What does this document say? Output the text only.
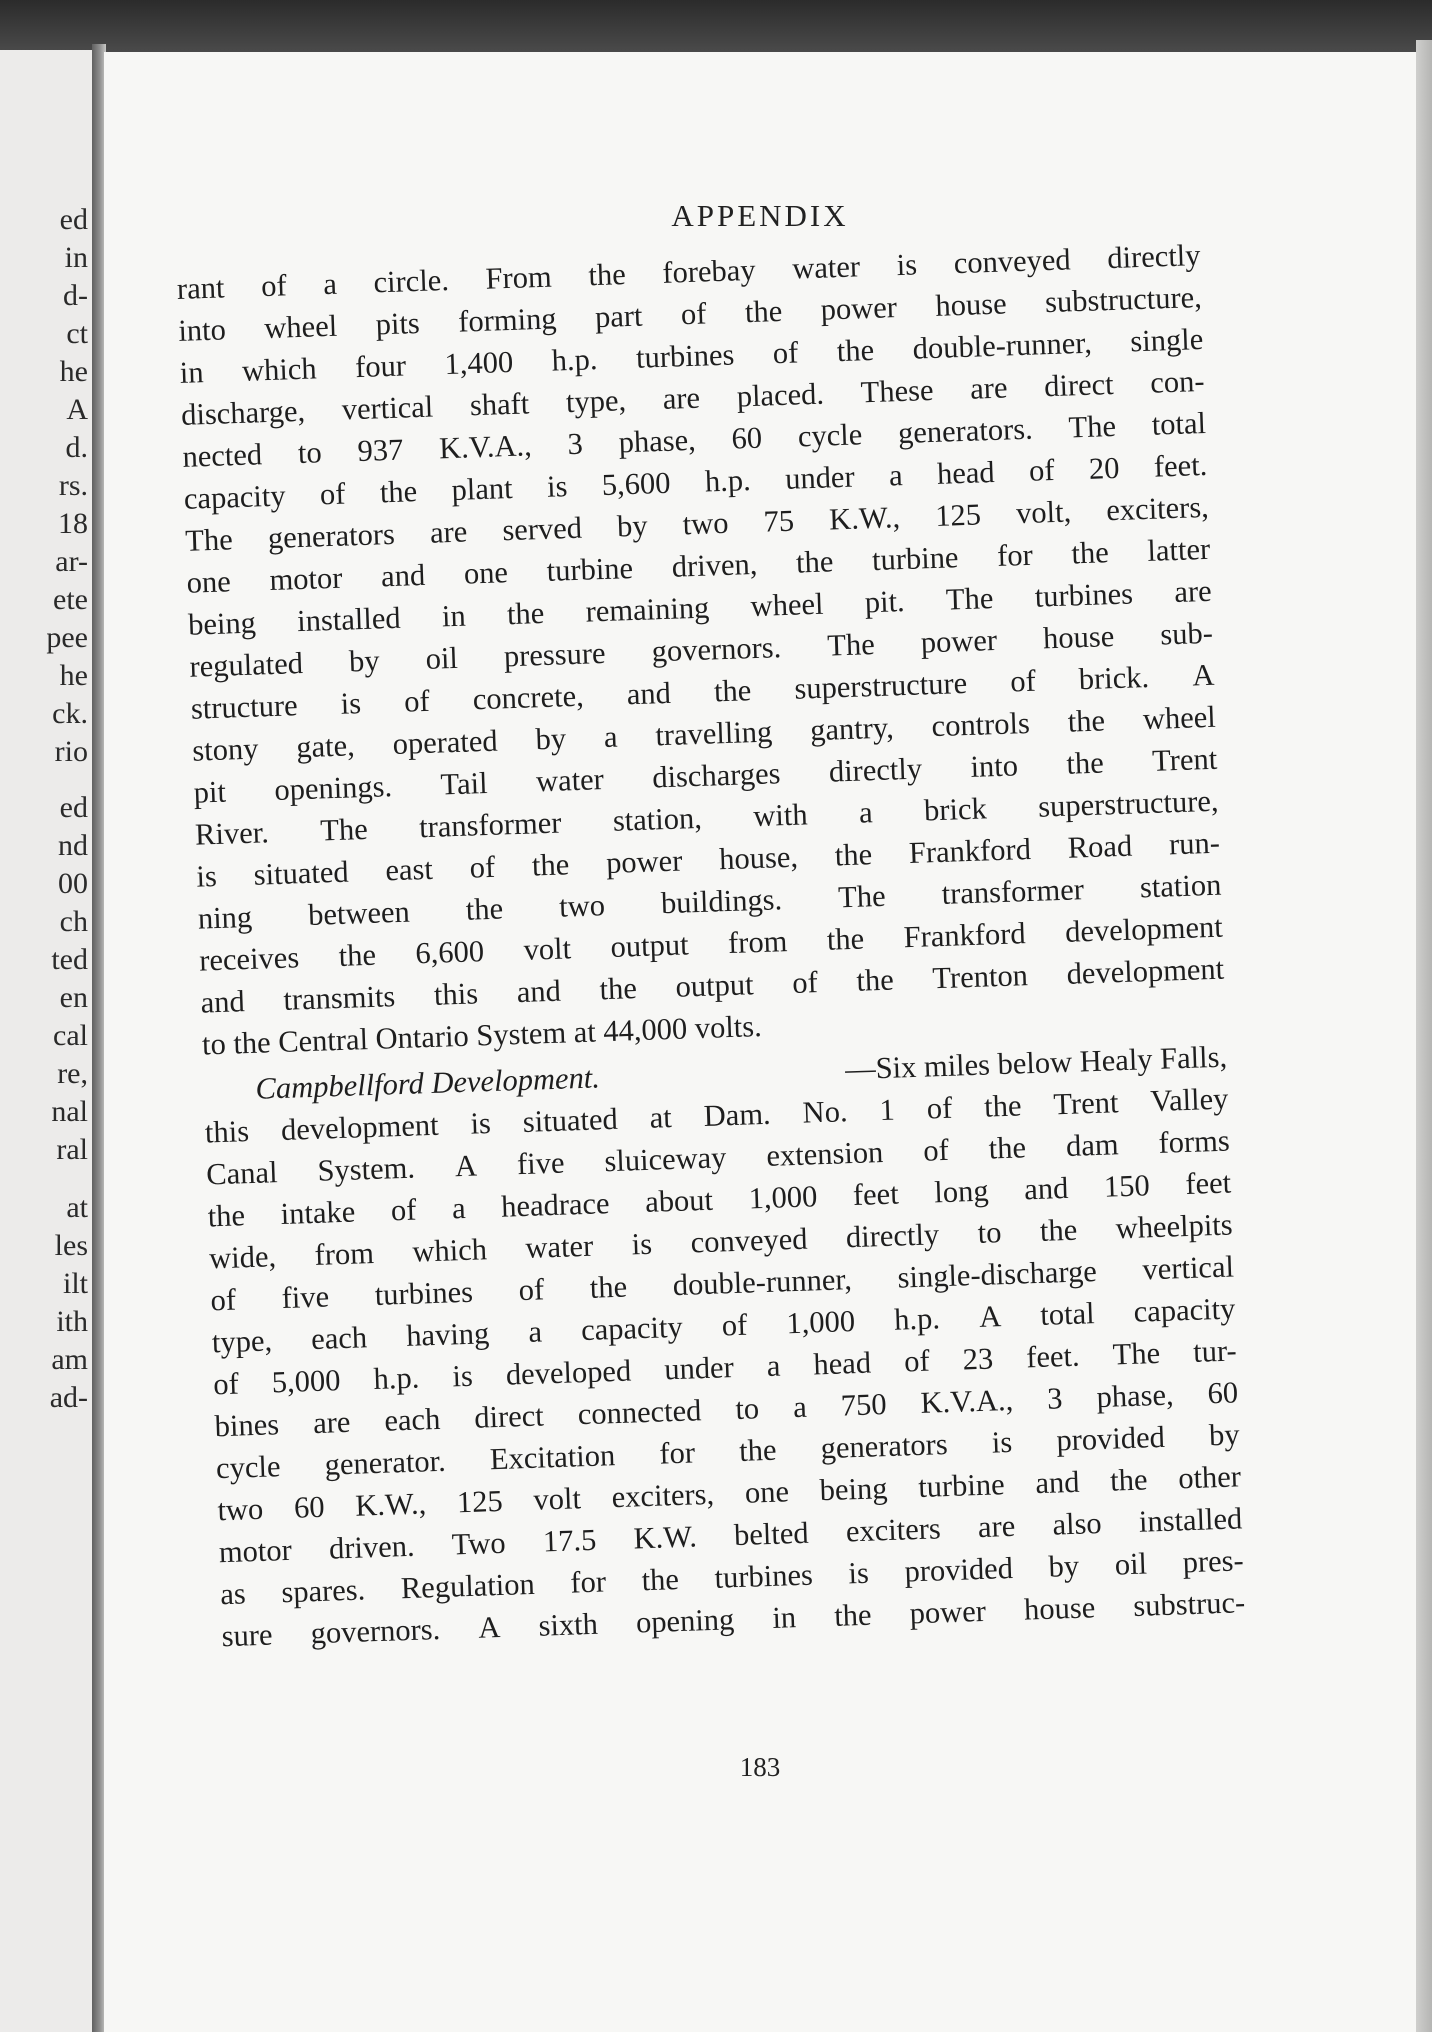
ed
in
d-
ct
he
A
d.
rs.
18
ar-
ete
pee
he
ck.
rio
ed
nd
00
ch
ted
en
cal
re,
nal
ral
at
les
ilt
ith
am
ad-
APPENDIX
rant of a circle. From the forebay water is conveyed directly
into wheel pits forming part of the power house substructure,
in which four 1,400 h.p. turbines of the double-runner, single
discharge, vertical shaft type, are placed. These are direct con-
nected to 937 K.V.A., 3 phase, 60 cycle generators. The total
capacity of the plant is 5,600 h.p. under a head of 20 feet.
The generators are served by two 75 K.W., 125 volt, exciters,
one motor and one turbine driven, the turbine for the latter
being installed in the remaining wheel pit. The turbines are
regulated by oil pressure governors. The power house sub-
structure is of concrete, and the superstructure of brick. A
stony gate, operated by a travelling gantry, controls the wheel
pit openings. Tail water discharges directly into the Trent
River. The transformer station, with a brick superstructure,
is situated east of the power house, the Frankford Road run-
ning between the two buildings. The transformer station
receives the 6,600 volt output from the Frankford development
and transmits this and the output of the Trenton development
to the Central Ontario System at 44,000 volts.
Campbellford Development.	—Six miles below Healy Falls,
this development is situated at Dam. No. 1 of the Trent Valley
Canal System. A five sluiceway extension of the dam forms
the intake of a headrace about 1,000 feet long and 150 feet
wide, from which water is conveyed directly to the wheelpits
of five turbines of the double-runner, single-discharge vertical
type, each having a capacity of 1,000 h.p. A total capacity
of 5,000 h.p. is developed under a head of 23 feet. The tur-
bines are each direct connected to a 750 K.V.A., 3 phase, 60
cycle generator. Excitation for the generators is provided by
two 60 K.W., 125 volt exciters, one being turbine and the other
motor driven. Two 17.5 K.W. belted exciters are also installed
as spares. Regulation for the turbines is provided by oil pres-
sure governors. A sixth opening in the power house substruc-
183
